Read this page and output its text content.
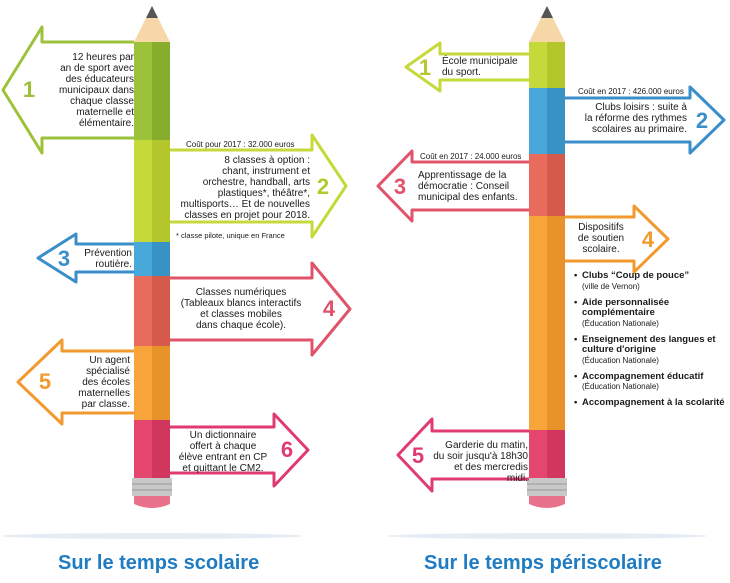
1
2
3
4
5
6
12 heures par
an de sport avec
des éducateurs
municipaux dans
chaque classe
maternelle et
élémentaire.
Coût pour 2017 : 32.000 euros
8 classes à option :
chant, instrument et
orchestre, handball, arts
plastiques*, théâtre*,
multisports… Et de nouvelles
classes en projet pour 2018.
* classe pilote, unique en France
Prévention
routière.
Classes numériques
(Tableaux blancs interactifs
et classes mobiles
dans chaque école).
Un agent
spécialisé
des écoles
maternelles
par classe.
Un dictionnaire
offert à chaque
élève entrant en CP
et quittant le CM2.
1
2
3
4
5
École municipale
du sport.
Coût en 2017 : 426.000 euros
Clubs loisirs : suite à
la réforme des rythmes
scolaires au primaire.
Coût en 2017 : 24.000 euros
Apprentissage de la
démocratie : Conseil
municipal des enfants.
Dispositifs
de soutien
scolaire.
Garderie du matin,
du soir jusqu'à 18h30
et des mercredis midi.
• Clubs “Coup de pouce”
(ville de Vernon)
• Aide personnalisée complémentaire
(Éducation Nationale)
• Enseignement des langues et culture d'origine
(Éducation Nationale)
• Accompagnement éducatif
(Éducation Nationale)
• Accompagnement à la scolarité
Sur le temps scolaire	Sur le temps périscolaire
